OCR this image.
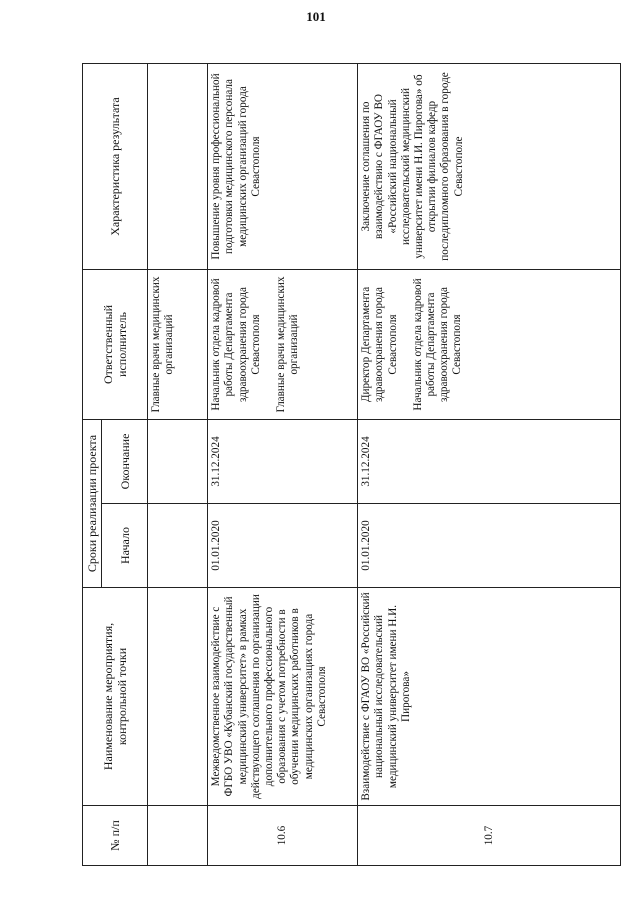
101
№ п/п	Наименование мероприятия, контрольной точки	Сроки реализации проекта		Ответственный исполнитель	Характеристика результата
		Начало	Окончание		
				Главные врачи медицинских организаций	
10.6	Межведомственное взаимодействие с ФГБО УВО «Кубанский государственный медицинский университет» в рамках действующего соглашения по организации дополнительного профессионального образования с учетом потребности в обучении медицинских работников в медицинских организациях города Севастополя	01.01.2020	31.12.2024	Начальник отдела кадровой работы Департамента здравоохранения города Севастополя Главные врачи медицинских организаций	Повышение уровня профессиональной подготовки медицинского персонала медицинских организаций города Севастополя
10.7	Взаимодействие с ФГАОУ ВО «Российский национальный исследовательский медицинский университет имени Н.И. Пирогова»	01.01.2020	31.12.2024	Директор Департамента здравоохранения города Севастополя Начальник отдела кадровой работы Департамента здравоохранения города Севастополя	Заключение соглашения по взаимодействию с ФГАОУ ВО «Российский национальный исследовательский медицинский университет имени Н.И. Пирогова» об открытии филиалов кафедр последипломного образования в городе Севастополе
